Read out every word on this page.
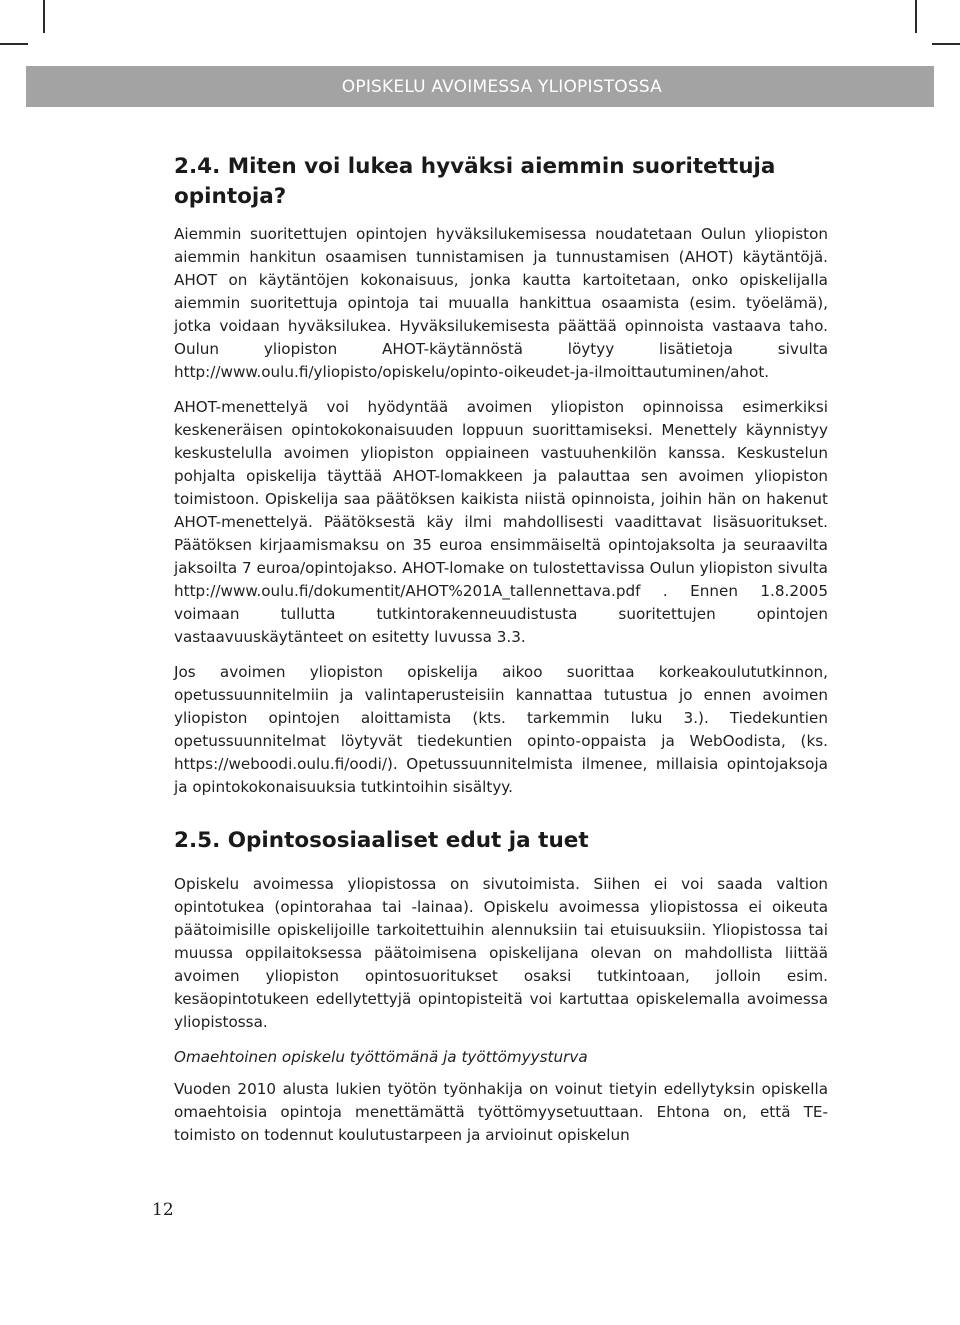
OPISKELU AVOIMESSA YLIOPISTOSSA
2.4. Miten voi lukea hyväksi aiemmin suoritettuja opintoja?

Aiemmin suoritettujen opintojen hyväksilukemisessa noudatetaan Oulun yliopiston aiemmin hankitun osaamisen tunnistamisen ja tunnustamisen (AHOT) käytäntöjä. AHOT on käytäntöjen kokonaisuus, jonka kautta kartoitetaan, onko opiskelijalla aiemmin suoritettuja opintoja tai muualla hankittua osaamista (esim. työelämä), jotka voidaan hyväksilukea. Hyväksilukemisesta päättää opinnoista vastaava taho. Oulun yliopiston AHOT-käytännöstä löytyy lisätietoja sivulta http://www.oulu.fi/yliopisto/opiskelu/opinto-oikeudet-ja-ilmoittautuminen/ahot.

AHOT-menettelyä voi hyödyntää avoimen yliopiston opinnoissa esimerkiksi keskeneräisen opintokokonaisuuden loppuun suorittamiseksi. Menettely käynnistyy keskustelulla avoimen yliopiston oppiaineen vastuuhenkilön kanssa. Keskustelun pohjalta opiskelija täyttää AHOT-lomakkeen ja palauttaa sen avoimen yliopiston toimistoon. Opiskelija saa päätöksen kaikista niistä opinnoista, joihin hän on hakenut AHOT-menettelyä. Päätöksestä käy ilmi mahdollisesti vaadittavat lisäsuoritukset. Päätöksen kirjaamismaksu on 35 euroa ensimmäiseltä opintojaksolta ja seuraavilta jaksoilta 7 euroa/opintojakso. AHOT-lomake on tulostettavissa Oulun yliopiston sivulta http://www.oulu.fi/dokumentit/AHOT%201A_tallennettava.pdf . Ennen 1.8.2005 voimaan tullutta tutkintorakenneuudistusta suoritettujen opintojen vastaavuuskäytänteet on esitetty luvussa 3.3.

Jos avoimen yliopiston opiskelija aikoo suorittaa korkeakoulututkinnon, opetussuunnitelmiin ja valintaperusteisiin kannattaa tutustua jo ennen avoimen yliopiston opintojen aloittamista (kts. tarkemmin luku 3.). Tiedekuntien opetussuunnitelmat löytyvät tiedekuntien opinto-oppaista ja WebOodista, (ks. https://weboodi.oulu.fi/oodi/). Opetussuunnitelmista ilmenee, millaisia opintojaksoja ja opintokokonaisuuksia tutkintoihin sisältyy.

2.5. Opintososiaaliset edut ja tuet

Opiskelu avoimessa yliopistossa on sivutoimista. Siihen ei voi saada valtion opintotukea (opintorahaa tai -lainaa). Opiskelu avoimessa yliopistossa ei oikeuta päätoimisille opiskelijoille tarkoitettuihin alennuksiin tai etuisuuksiin. Yliopistossa tai muussa oppilaitoksessa päätoimisena opiskelijana olevan on mahdollista liittää avoimen yliopiston opintosuoritukset osaksi tutkintoaan, jolloin esim. kesäopintotukeen edellytettyjä opintopisteitä voi kartuttaa opiskelemalla avoimessa yliopistossa.

Omaehtoinen opiskelu työttömänä ja työttömyysturva

Vuoden 2010 alusta lukien työtön työnhakija on voinut tietyin edellytyksin opiskella omaehtoisia opintoja menettämättä työttömyysetuuttaan. Ehtona on, että TE-toimisto on todennut koulutustarpeen ja arvioinut opiskelun

12
